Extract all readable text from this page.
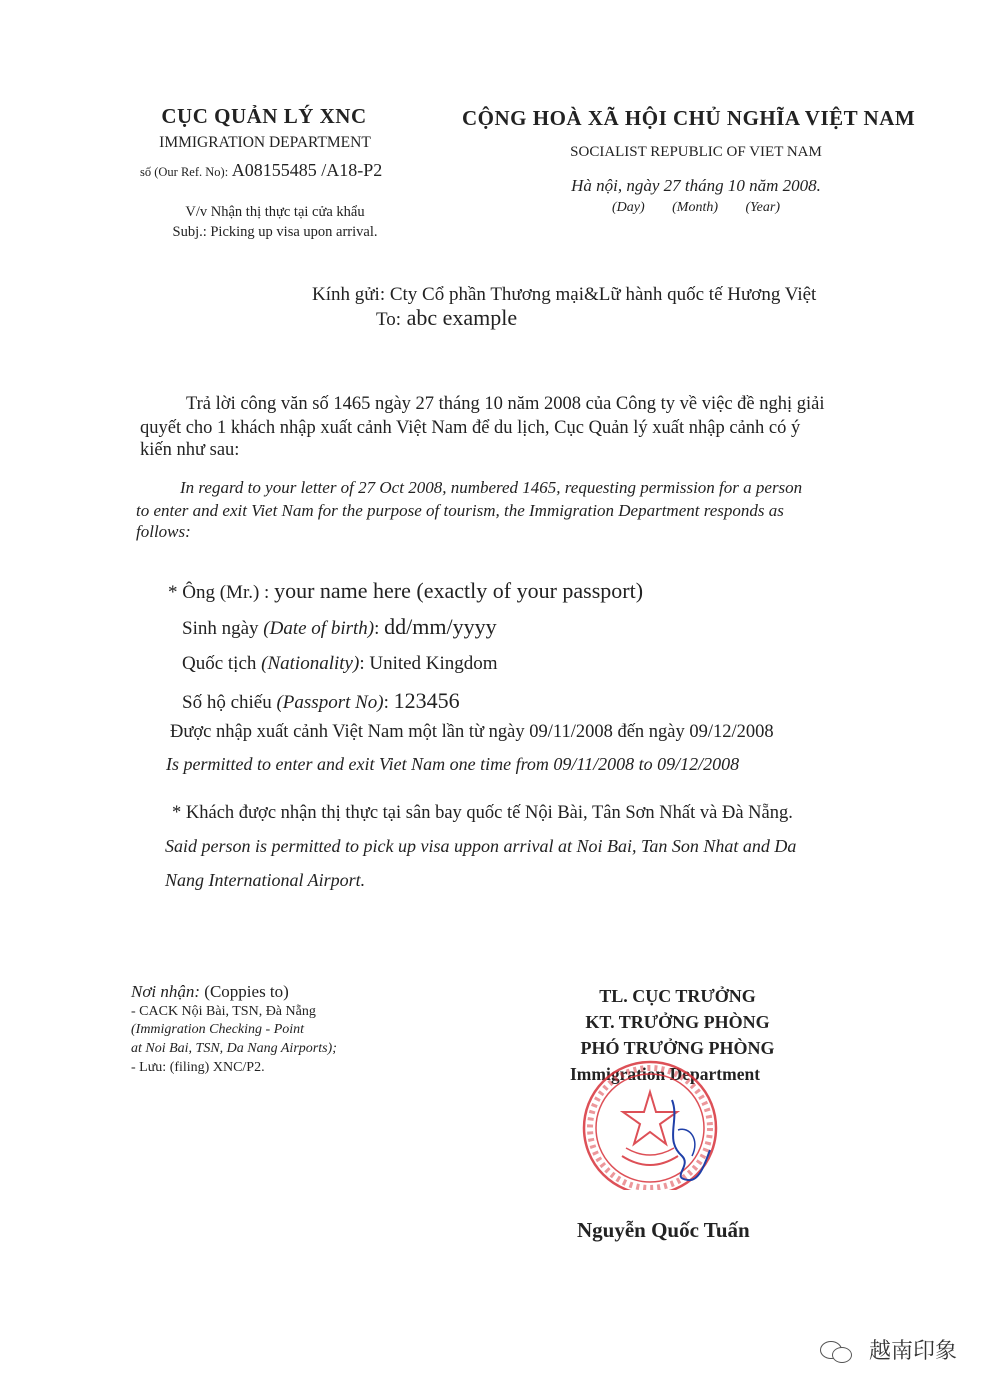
CỤC QUẢN LÝ XNC
IMMIGRATION DEPARTMENT
số (Our Ref. No): A08155485 /A18-P2
V/v Nhận thị thực tại cửa khẩu
Subj.: Picking up visa upon arrival.
CỘNG HOÀ XÃ HỘI CHỦ NGHĨA VIỆT NAM
SOCIALIST REPUBLIC OF VIET NAM
Hà nội, ngày 27 tháng 10 năm 2008.
(Day) (Month) (Year)
Kính gửi: Cty Cổ phần Thương mại&Lữ hành quốc tế Hương Việt
To: abc example
Trả lời công văn số 1465 ngày 27 tháng 10 năm 2008 của Công ty về việc đề nghị giải
quyết cho 1 khách nhập xuất cảnh Việt Nam để du lịch, Cục Quản lý xuất nhập cảnh có ý
kiến như sau:
In regard to your letter of 27 Oct 2008, numbered 1465, requesting permission for a person
to enter and exit Viet Nam for the purpose of tourism, the Immigration Department responds as
follows:
* Ông (Mr.) : your name here (exactly of your passport)
Sinh ngày (Date of birth): dd/mm/yyyy
Quốc tịch (Nationality): United Kingdom
Số hộ chiếu (Passport No): 123456
Được nhập xuất cảnh Việt Nam một lần từ ngày 09/11/2008 đến ngày 09/12/2008
Is permitted to enter and exit Viet Nam one time from 09/11/2008 to 09/12/2008
* Khách được nhận thị thực tại sân bay quốc tế Nội Bài, Tân Sơn Nhất và Đà Nẵng.
Said person is permitted to pick up visa uppon arrival at Noi Bai, Tan Son Nhat and Da
Nang International Airport.
Nơi nhận: (Coppies to)
- CACK Nội Bài, TSN, Đà Nẵng
(Immigration Checking - Point
at Noi Bai, TSN, Da Nang Airports);
- Lưu: (filing) XNC/P2.
TL. CỤC TRƯỞNG
KT. TRƯỞNG PHÒNG
PHÓ TRƯỞNG PHÒNG
Immigration Department
Nguyễn Quốc Tuấn
越南印象
